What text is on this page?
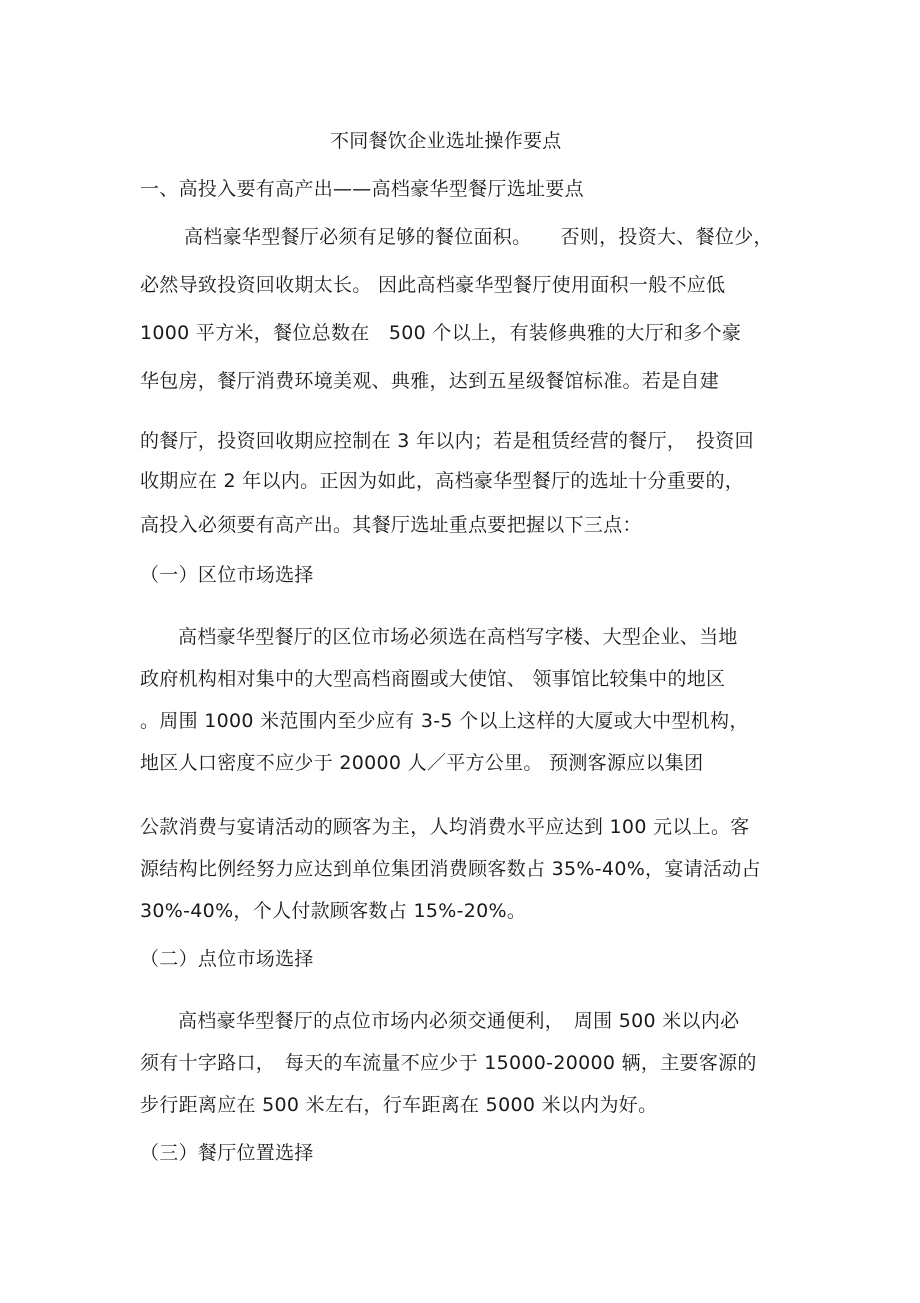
不同餐饮企业选址操作要点
一、高投入要有高产出——高档豪华型餐厅选址要点
高档豪华型餐厅必须有足够的餐位面积。　　否则，投资大、餐位少，
必然导致投资回收期太长。 因此高档豪华型餐厅使用面积一般不应低
1000 平方米，餐位总数在　500 个以上，有装修典雅的大厅和多个豪
华包房，餐厅消费环境美观、典雅，达到五星级餐馆标准。若是自建
的餐厅，投资回收期应控制在 3 年以内；若是租赁经营的餐厅，　投资回
收期应在 2 年以内。正因为如此，高档豪华型餐厅的选址十分重要的，
高投入必须要有高产出。其餐厅选址重点要把握以下三点：
（一）区位市场选择
高档豪华型餐厅的区位市场必须选在高档写字楼、大型企业、当地
政府机构相对集中的大型高档商圈或大使馆、 领事馆比较集中的地区
。周围 1000 米范围内至少应有 3-5 个以上这样的大厦或大中型机构，
地区人口密度不应少于 20000 人／平方公里。 预测客源应以集团
公款消费与宴请活动的顾客为主，人均消费水平应达到 100 元以上。客
源结构比例经努力应达到单位集团消费顾客数占 35%-40%，宴请活动占
30%-40%，个人付款顾客数占 15%-20%。
（二）点位市场选择
高档豪华型餐厅的点位市场内必须交通便利，　周围 500 米以内必
须有十字路口，　每天的车流量不应少于 15000-20000 辆，主要客源的
步行距离应在 500 米左右，行车距离在 5000 米以内为好。
（三）餐厅位置选择
